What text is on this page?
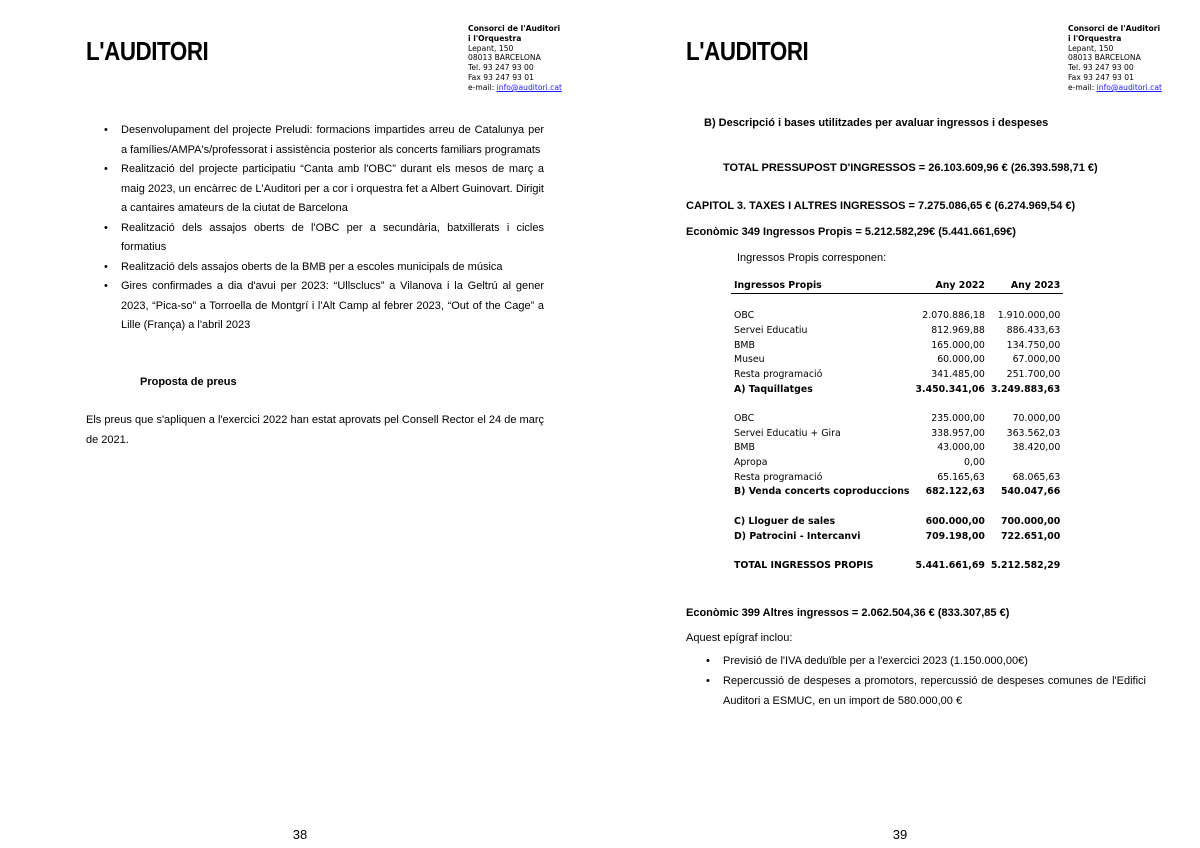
L'AUDITORI
Consorci de l'Auditori
i l'Orquestra
Lepant, 150
08013 BARCELONA
Tel. 93 247 93 00
Fax 93 247 93 01
e-mail: info@auditori.cat
• Desenvolupament del projecte Preludi: formacions impartides arreu de Catalunya per a famílies/AMPA's/professorat i assistència posterior als concerts familiars programats
• Realització del projecte participatiu “Canta amb l'OBC” durant els mesos de març a maig 2023, un encàrrec de L'Auditori per a cor i orquestra fet a Albert Guinovart. Dirigit a cantaires amateurs de la ciutat de Barcelona
• Realització dels assajos oberts de l'OBC per a secundària, batxillerats i cicles formatius
• Realització dels assajos oberts de la BMB per a escoles municipals de música
• Gires confirmades a dia d'avui per 2023: “Ullsclucs” a Vilanova i la Geltrú al gener 2023, “Pica-so” a Torroella de Montgrí i l'Alt Camp al febrer 2023, “Out of the Cage” a Lille (França) a l'abril 2023
Proposta de preus
Els preus que s'apliquen a l'exercici 2022 han estat aprovats pel Consell Rector el 24 de març de 2021.
38
L'AUDITORI
Consorci de l'Auditori
i l'Orquestra
Lepant, 150
08013 BARCELONA
Tel. 93 247 93 00
Fax 93 247 93 01
e-mail: info@auditori.cat
B) Descripció i bases utilitzades per avaluar ingressos i despeses
TOTAL PRESSUPOST D'INGRESSOS = 26.103.609,96 € (26.393.598,71 €)
CAPITOL 3. TAXES I ALTRES INGRESSOS = 7.275.086,65 € (6.274.969,54 €)
Econòmic 349 Ingressos Propis = 5.212.582,29€ (5.441.661,69€)
Ingressos Propis corresponen:
Ingressos Propis	Any 2022	Any 2023

OBC	2.070.886,18	1.910.000,00
Servei Educatiu	812.969,88	886.433,63
BMB	165.000,00	134.750,00
Museu	60.000,00	67.000,00
Resta programació	341.485,00	251.700,00
A) Taquillatges	3.450.341,06	3.249.883,63

OBC	235.000,00	70.000,00
Servei Educatiu + Gira	338.957,00	363.562,03
BMB	43.000,00	38.420,00
Apropa	0,00	
Resta programació	65.165,63	68.065,63
B) Venda concerts coproduccions	682.122,63	540.047,66

C) Lloguer de sales	600.000,00	700.000,00
D) Patrocini - Intercanvi	709.198,00	722.651,00

TOTAL INGRESSOS PROPIS	5.441.661,69	5.212.582,29
Econòmic 399 Altres ingressos = 2.062.504,36 € (833.307,85 €)
Aquest epígraf inclou:
• Previsió de l'IVA deduïble per a l'exercici 2023 (1.150.000,00€)
• Repercussió de despeses a promotors, repercussió de despeses comunes de l'Edifici Auditori a ESMUC, en un import de 580.000,00 €
39
